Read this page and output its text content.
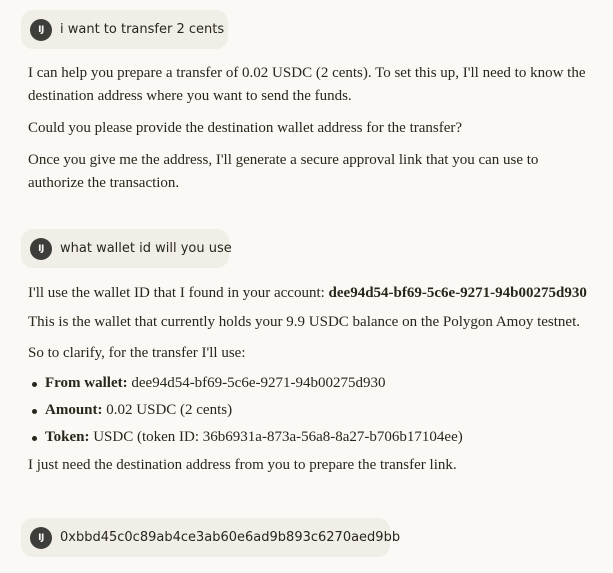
IJ	i want to transfer 2 cents

I can help you prepare a transfer of 0.02 USDC (2 cents). To set this up, I'll need to know the destination address where you want to send the funds.

Could you please provide the destination wallet address for the transfer?

Once you give me the address, I'll generate a secure approval link that you can use to authorize the transaction.

IJ	what wallet id will you use

I'll use the wallet ID that I found in your account: dee94d54-bf69-5c6e-9271-94b00275d930

This is the wallet that currently holds your 9.9 USDC balance on the Polygon Amoy testnet.

So to clarify, for the transfer I'll use:

From wallet: dee94d54-bf69-5c6e-9271-94b00275d930
Amount: 0.02 USDC (2 cents)
Token: USDC (token ID: 36b6931a-873a-56a8-8a27-b706b17104ee)

I just need the destination address from you to prepare the transfer link.

IJ	0xbbd45c0c89ab4ce3ab60e6ad9b893c6270aed9bb
